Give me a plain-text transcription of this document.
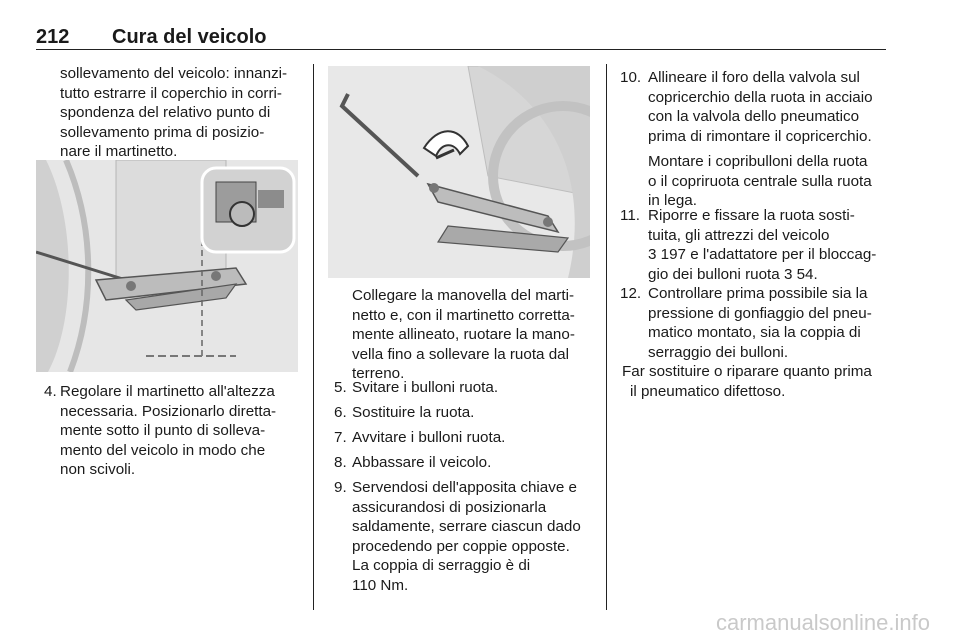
212 Cura del veicolo

sollevamento del veicolo: innanzi-

tutto estrarre il coperchio in corri-

spondenza del relativo punto di

sollevamento prima di posizio-

nare il martinetto.

4. Regolare il martinetto all'altezza

necessaria. Posizionarlo diretta-

mente sotto il punto di solleva-

mento del veicolo in modo che

non scivoli.

Collegare la manovella del marti-

netto e, con il martinetto corretta-

mente allineato, ruotare la mano-

vella fino a sollevare la ruota dal

terreno.

5. Svitare i bulloni ruota.

6. Sostituire la ruota.

7. Avvitare i bulloni ruota.

8. Abbassare il veicolo.

9. Servendosi dell'apposita chiave e

assicurandosi di posizionarla

saldamente, serrare ciascun dado

procedendo per coppie opposte.

La coppia di serraggio è di

110 Nm.

10. Allineare il foro della valvola sul

copricerchio della ruota in acciaio

con la valvola dello pneumatico

prima di rimontare il copricerchio.

Montare i copribulloni della ruota

o il copriruota centrale sulla ruota

in lega.

11. Riporre e fissare la ruota sosti-

tuita, gli attrezzi del veicolo

3 197 e l'adattatore per il bloccag-

gio dei bulloni ruota 3 54.

12. Controllare prima possibile sia la

pressione di gonfiaggio del pneu-

matico montato, sia la coppia di

serraggio dei bulloni.

Far sostituire o riparare quanto prima

il pneumatico difettoso.

carmanualsonline.info
